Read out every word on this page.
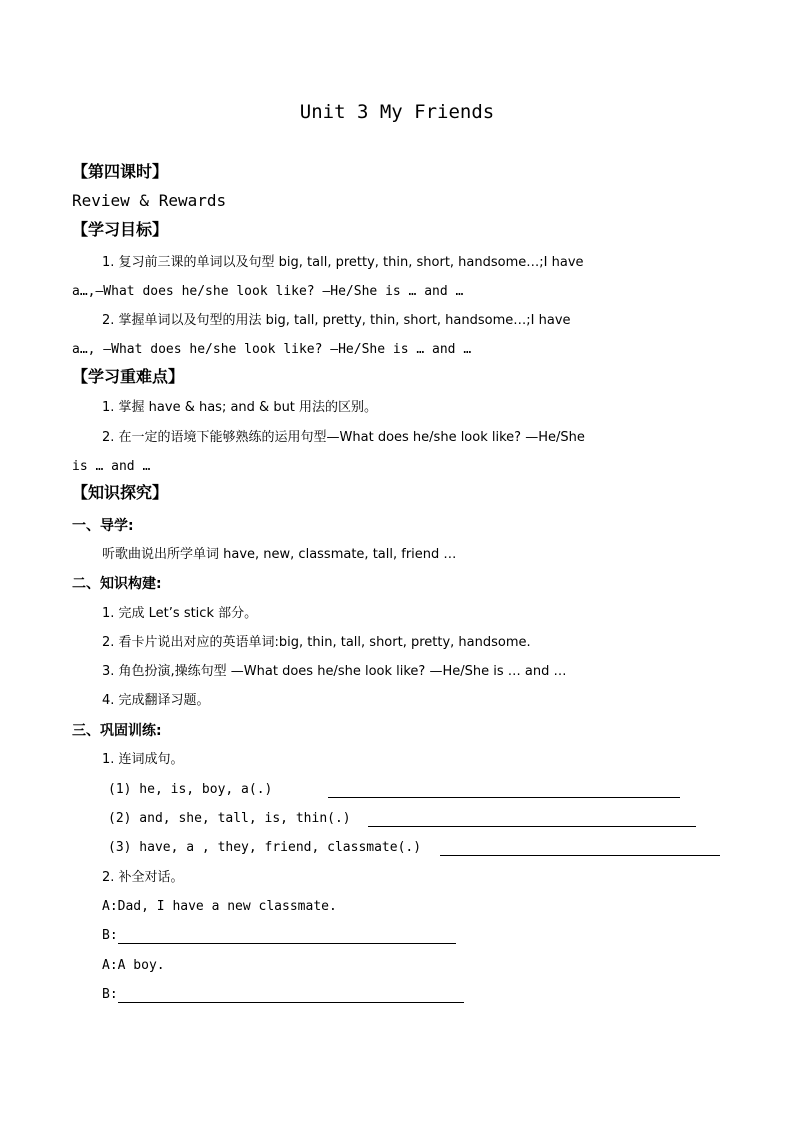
Unit 3 My Friends
【第四课时】
Review & Rewards
【学习目标】
1. 复习前三课的单词以及句型 big, tall, pretty, thin, short, handsome…;I have
a…,—What does he/she look like? —He/She is … and …
2. 掌握单词以及句型的用法 big, tall, pretty, thin, short, handsome…;I have
a…, —What does he/she look like? —He/She is … and …
【学习重难点】
1. 掌握 have & has; and & but 用法的区别。
2. 在一定的语境下能够熟练的运用句型—What does he/she look like? —He/She
is … and …
【知识探究】
一、导学:
听歌曲说出所学单词 have, new, classmate, tall, friend …
二、知识构建:
1. 完成 Let’s stick 部分。
2. 看卡片说出对应的英语单词:big, thin, tall, short, pretty, handsome.
3. 角色扮演,操练句型 —What does he/she look like? —He/She is … and …
4. 完成翻译习题。
三、巩固训练:
1. 连词成句。
(1) he, is, boy, a(.)
(2) and, she, tall, is, thin(.)
(3) have, a , they, friend, classmate(.)
2. 补全对话。
A:Dad, I have a new classmate.
B:
A:A boy.
B:
